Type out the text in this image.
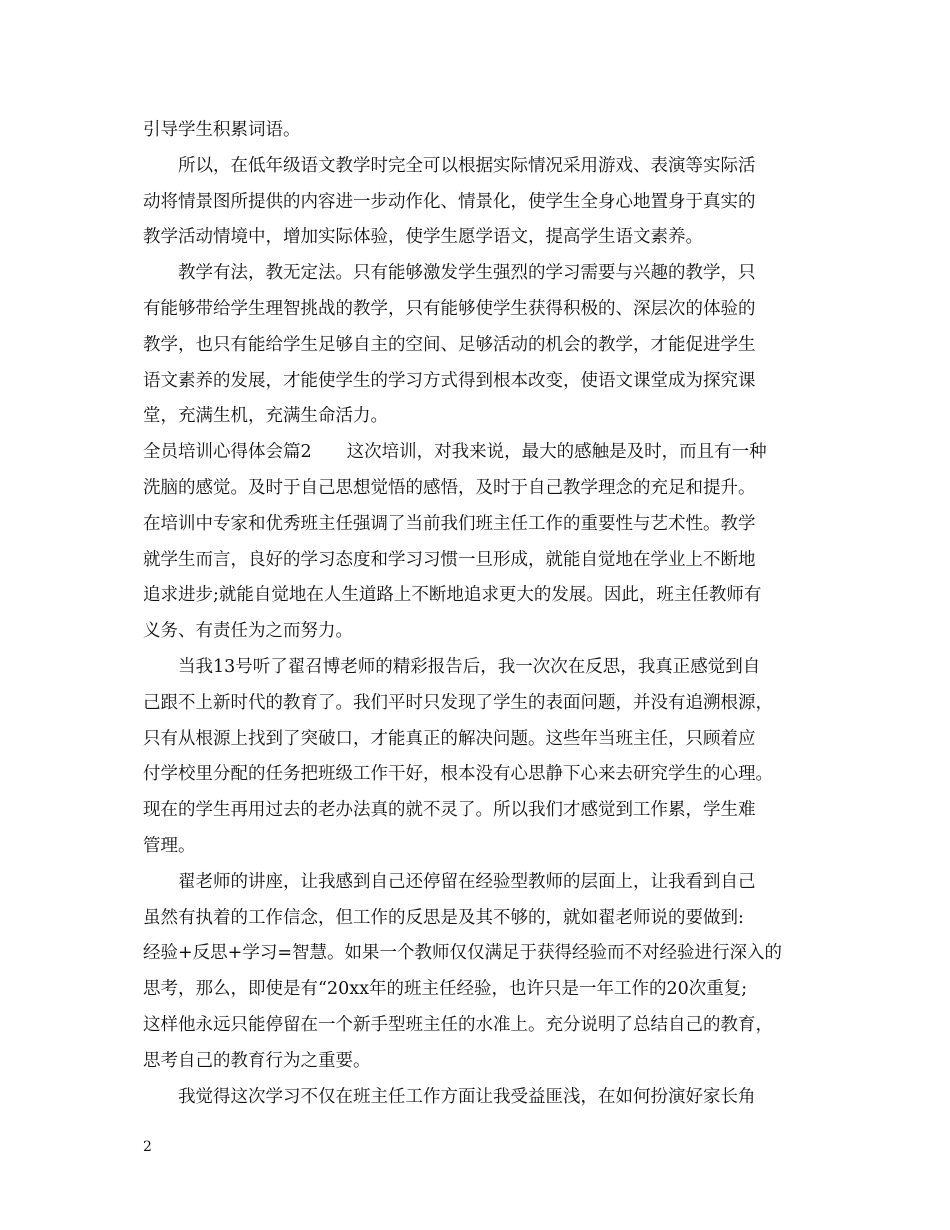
引导学生积累词语。
所以，在低年级语文教学时完全可以根据实际情况采用游戏、表演等实际活
动将情景图所提供的内容进一步动作化、情景化，使学生全身心地置身于真实的
教学活动情境中，增加实际体验，使学生愿学语文，提高学生语文素养。
教学有法，教无定法。只有能够激发学生强烈的学习需要与兴趣的教学，只
有能够带给学生理智挑战的教学，只有能够使学生获得积极的、深层次的体验的
教学，也只有能给学生足够自主的空间、足够活动的机会的教学，才能促进学生
语文素养的发展，才能使学生的学习方式得到根本改变，使语文课堂成为探究课
堂，充满生机，充满生命活力。
全员培训心得体会篇2　　这次培训，对我来说，最大的感触是及时，而且有一种
洗脑的感觉。及时于自己思想觉悟的感悟，及时于自己教学理念的充足和提升。
在培训中专家和优秀班主任强调了当前我们班主任工作的重要性与艺术性。教学
就学生而言，良好的学习态度和学习习惯一旦形成，就能自觉地在学业上不断地
追求进步;就能自觉地在人生道路上不断地追求更大的发展。因此，班主任教师有
义务、有责任为之而努力。
当我13号听了翟召博老师的精彩报告后，我一次次在反思，我真正感觉到自
己跟不上新时代的教育了。我们平时只发现了学生的表面问题，并没有追溯根源，
只有从根源上找到了突破口，才能真正的解决问题。这些年当班主任，只顾着应
付学校里分配的任务把班级工作干好，根本没有心思静下心来去研究学生的心理。
现在的学生再用过去的老办法真的就不灵了。所以我们才感觉到工作累，学生难
管理。
翟老师的讲座，让我感到自己还停留在经验型教师的层面上，让我看到自己
虽然有执着的工作信念，但工作的反思是及其不够的，就如翟老师说的要做到:
经验+反思+学习=智慧。如果一个教师仅仅满足于获得经验而不对经验进行深入的
思考，那么，即使是有“20xx年的班主任经验，也许只是一年工作的20次重复;
这样他永远只能停留在一个新手型班主任的水准上。充分说明了总结自己的教育，
思考自己的教育行为之重要。
我觉得这次学习不仅在班主任工作方面让我受益匪浅，在如何扮演好家长角
2
